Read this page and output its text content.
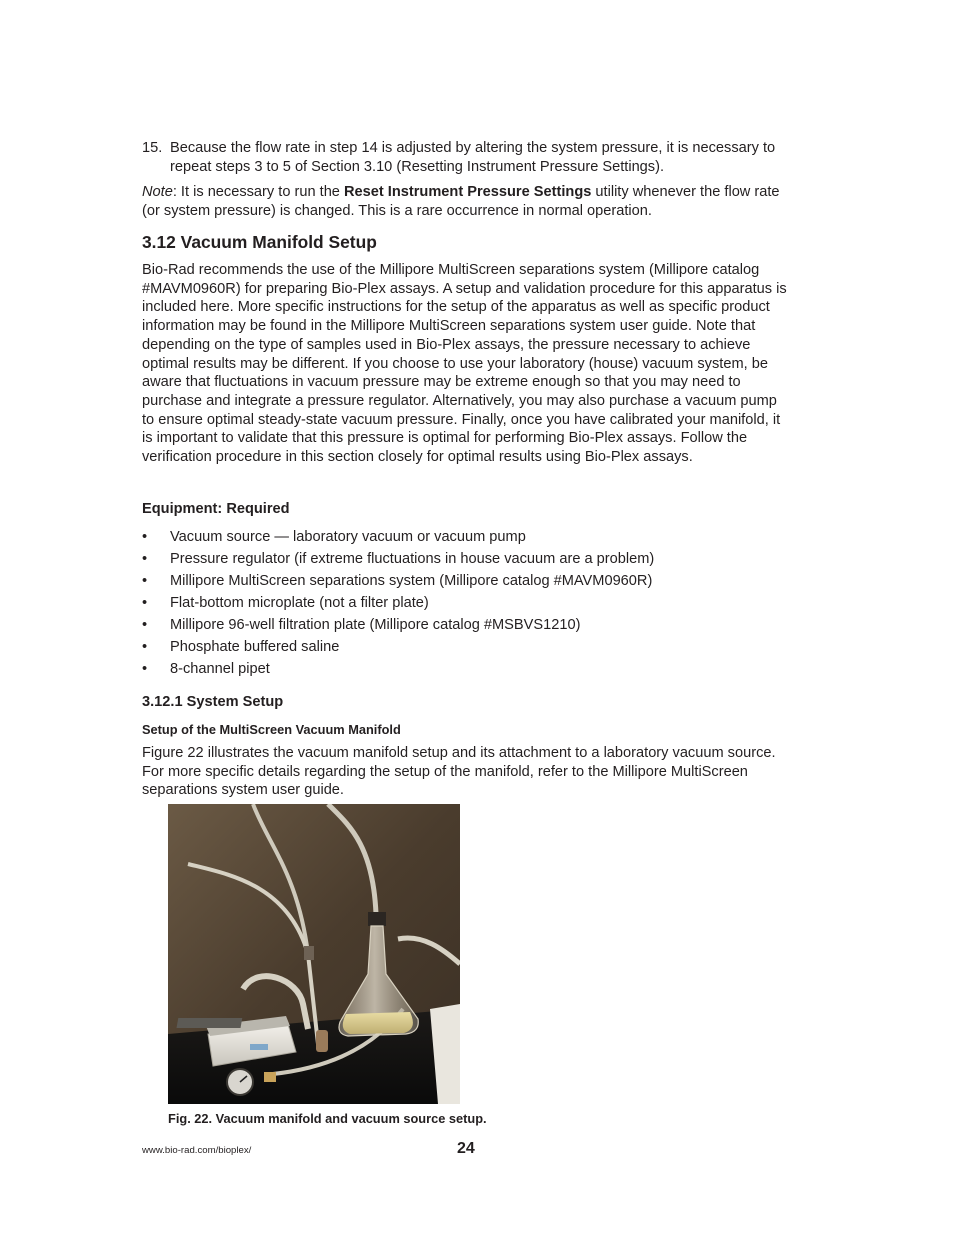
15. Because the flow rate in step 14 is adjusted by altering the system pressure, it is necessary to repeat steps 3 to 5 of Section 3.10 (Resetting Instrument Pressure Settings).

Note: It is necessary to run the Reset Instrument Pressure Settings utility whenever the flow rate (or system pressure) is changed. This is a rare occurrence in normal operation.

3.12 Vacuum Manifold Setup

Bio-Rad recommends the use of the Millipore MultiScreen separations system (Millipore catalog #MAVM0960R) for preparing Bio-Plex assays. A setup and validation procedure for this apparatus is included here. More specific instructions for the setup of the apparatus as well as specific product information may be found in the Millipore MultiScreen separations system user guide. Note that depending on the type of samples used in Bio-Plex assays, the pressure necessary to achieve optimal results may be different. If you choose to use your laboratory (house) vacuum system, be aware that fluctuations in vacuum pressure may be extreme enough so that you may need to purchase and integrate a pressure regulator. Alternatively, you may also purchase a vacuum pump to ensure optimal steady-state vacuum pressure. Finally, once you have calibrated your manifold, it is important to validate that this pressure is optimal for performing Bio-Plex assays. Follow the verification procedure in this section closely for optimal results using Bio-Plex assays.

Equipment: Required

• Vacuum source — laboratory vacuum or vacuum pump
• Pressure regulator (if extreme fluctuations in house vacuum are a problem)
• Millipore MultiScreen separations system (Millipore catalog #MAVM0960R)
• Flat-bottom microplate (not a filter plate)
• Millipore 96-well filtration plate (Millipore catalog #MSBVS1210)
• Phosphate buffered saline
• 8-channel pipet

3.12.1 System Setup

Setup of the MultiScreen Vacuum Manifold

Figure 22 illustrates the vacuum manifold setup and its attachment to a laboratory vacuum source. For more specific details regarding the setup of the manifold, refer to the Millipore MultiScreen separations system user guide.

Fig. 22. Vacuum manifold and vacuum source setup.

www.bio-rad.com/bioplex/	24
